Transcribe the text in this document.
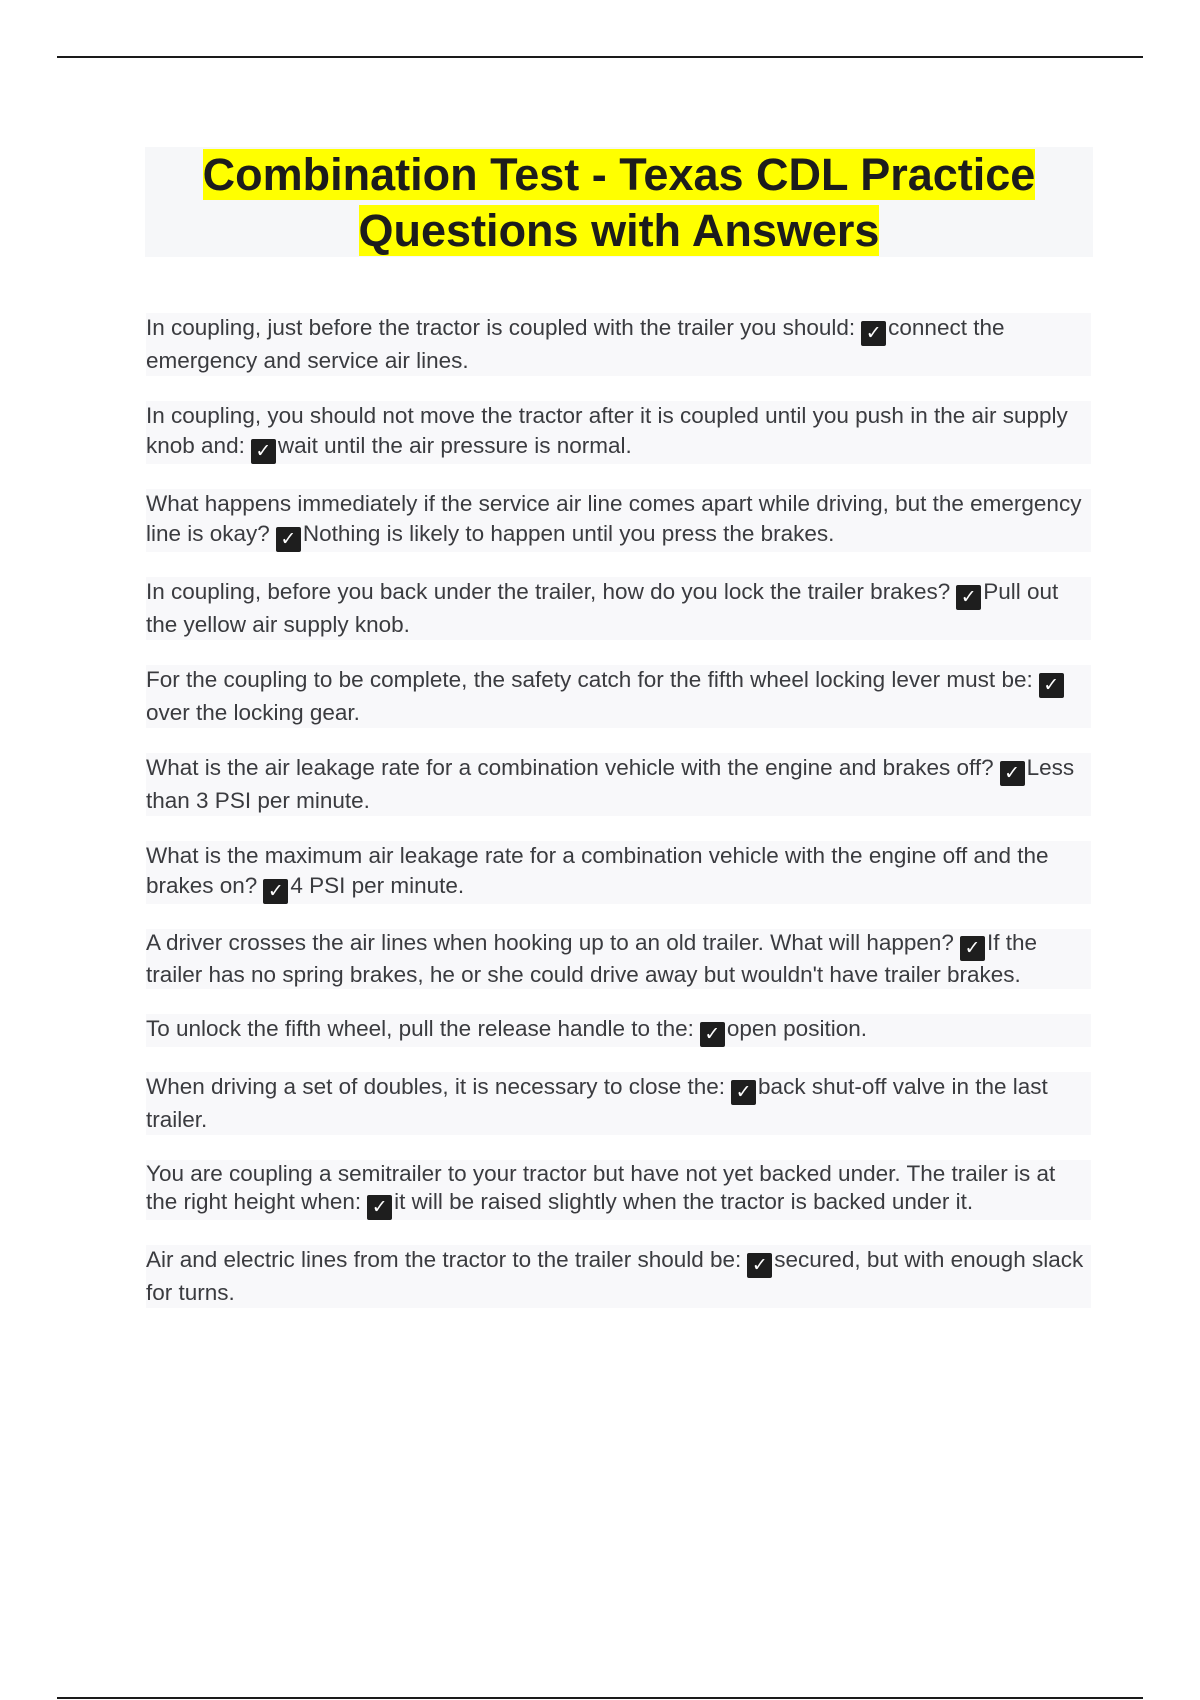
Combination Test - Texas CDL Practice
Questions with Answers

In coupling, just before the tractor is coupled with the trailer you should: ✓ connect the emergency and service air lines.

In coupling, you should not move the tractor after it is coupled until you push in the air supply knob and: ✓ wait until the air pressure is normal.

What happens immediately if the service air line comes apart while driving, but the emergency line is okay? ✓ Nothing is likely to happen until you press the brakes.

In coupling, before you back under the trailer, how do you lock the trailer brakes? ✓ Pull out the yellow air supply knob.

For the coupling to be complete, the safety catch for the fifth wheel locking lever must be: ✓over the locking gear.

What is the air leakage rate for a combination vehicle with the engine and brakes off? ✓ Less than 3 PSI per minute.

What is the maximum air leakage rate for a combination vehicle with the engine off and the brakes on? ✓ 4 PSI per minute.

A driver crosses the air lines when hooking up to an old trailer. What will happen? ✓ If the trailer has no spring brakes, he or she could drive away but wouldn't have trailer brakes.

To unlock the fifth wheel, pull the release handle to the: ✓ open position.

When driving a set of doubles, it is necessary to close the: ✓ back shut-off valve in the last trailer.

You are coupling a semitrailer to your tractor but have not yet backed under. The trailer is at the right height when: ✓ it will be raised slightly when the tractor is backed under it.

Air and electric lines from the tractor to the trailer should be: ✓ secured, but with enough slack for turns.
